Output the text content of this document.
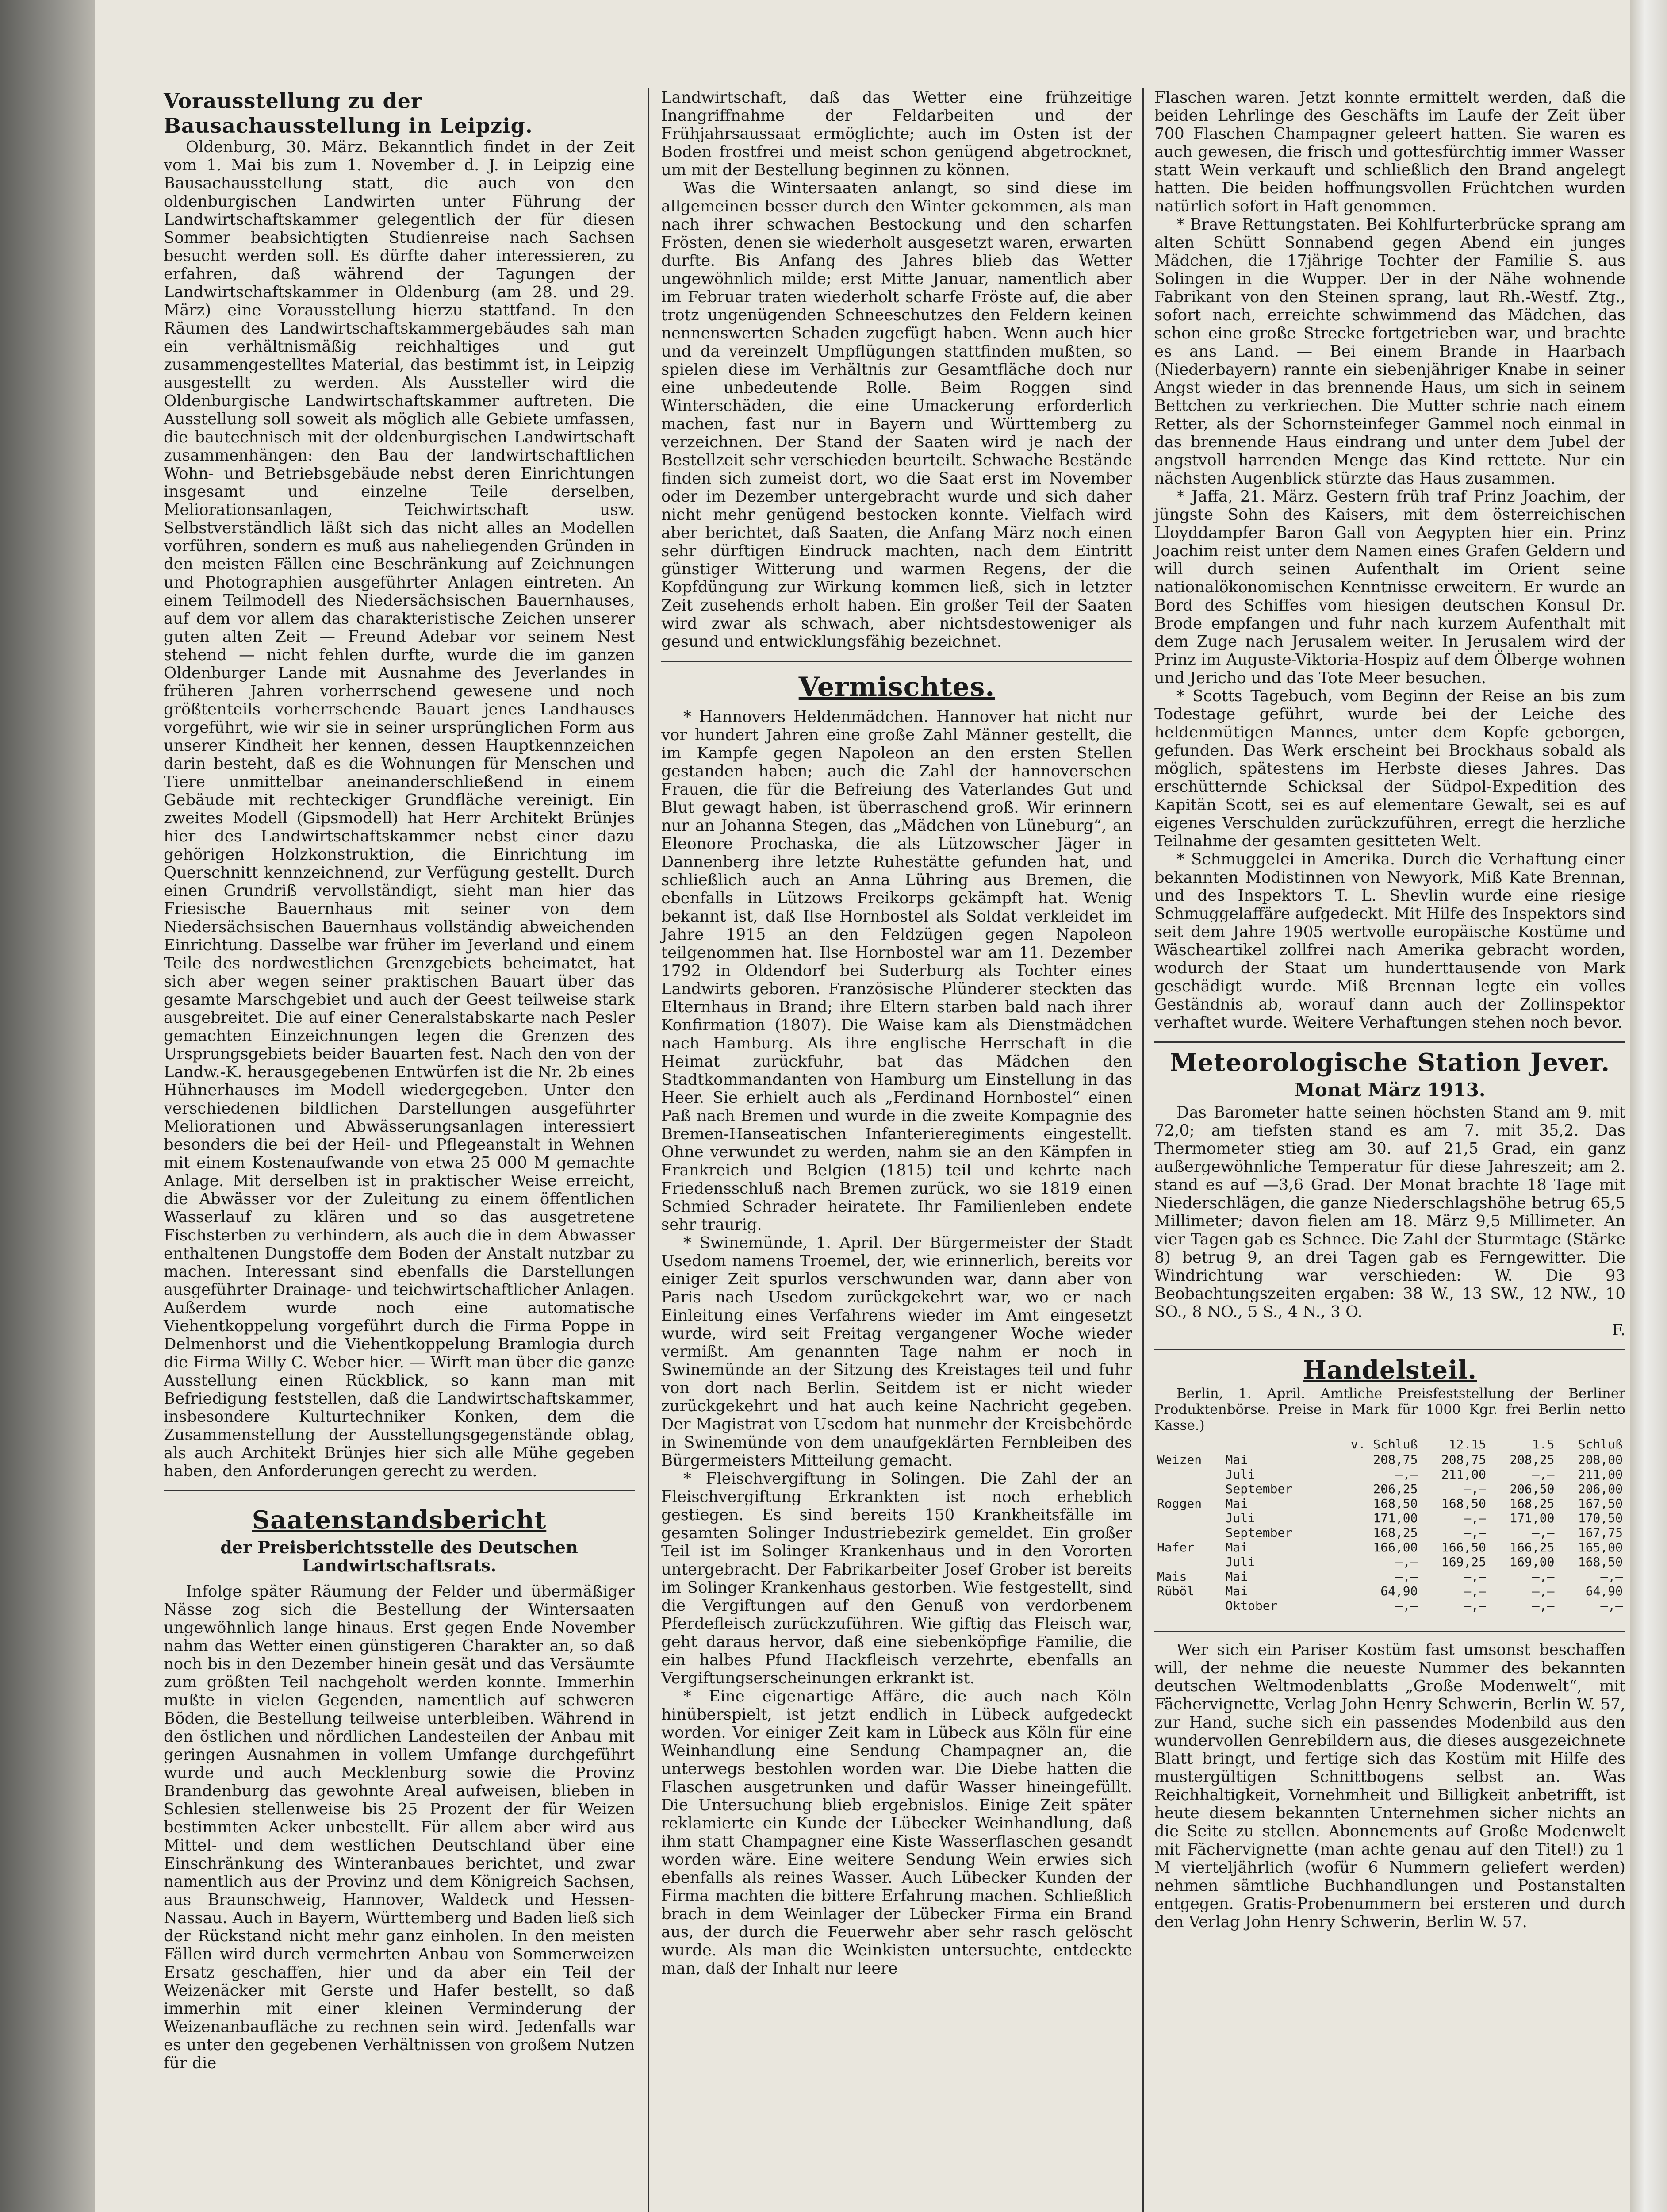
Vorausstellung zu der Bausachausstellung in Leipzig.

Oldenburg, 30. März. Bekanntlich findet in der Zeit vom 1. Mai bis zum 1. November d. J. in Leipzig eine Bausachausstellung statt, die auch von den oldenburgischen Landwirten unter Führung der Landwirtschaftskammer gelegentlich der für diesen Sommer beabsichtigten Studienreise nach Sachsen besucht werden soll. Es dürfte daher interessieren, zu erfahren, daß während der Tagungen der Landwirtschaftskammer in Oldenburg (am 28. und 29. März) eine Vorausstellung hierzu stattfand. In den Räumen des Landwirtschaftskammergebäudes sah man ein verhältnismäßig reichhaltiges und gut zusammengestelltes Material, das bestimmt ist, in Leipzig ausgestellt zu werden. Als Aussteller wird die Oldenburgische Landwirtschaftskammer auftreten. Die Ausstellung soll soweit als möglich alle Gebiete umfassen, die bautechnisch mit der oldenburgischen Landwirtschaft zusammenhängen: den Bau der landwirtschaftlichen Wohn- und Betriebsgebäude nebst deren Einrichtungen insgesamt und einzelne Teile derselben, Meliorationsanlagen, Teichwirtschaft usw. Selbstverständlich läßt sich das nicht alles an Modellen vorführen, sondern es muß aus naheliegenden Gründen in den meisten Fällen eine Beschränkung auf Zeichnungen und Photographien ausgeführter Anlagen eintreten. An einem Teilmodell des Niedersächsischen Bauernhauses, auf dem vor allem das charakteristische Zeichen unserer guten alten Zeit — Freund Adebar vor seinem Nest stehend — nicht fehlen durfte, wurde die im ganzen Oldenburger Lande mit Ausnahme des Jeverlandes in früheren Jahren vorherrschend gewesene und noch größtenteils vorherrschende Bauart jenes Landhauses vorgeführt, wie wir sie in seiner ursprünglichen Form aus unserer Kindheit her kennen, dessen Hauptkennzeichen darin besteht, daß es die Wohnungen für Menschen und Tiere unmittelbar aneinanderschließend in einem Gebäude mit rechteckiger Grundfläche vereinigt. Ein zweites Modell (Gipsmodell) hat Herr Architekt Brünjes hier des Landwirtschaftskammer nebst einer dazu gehörigen Holzkonstruktion, die Einrichtung im Querschnitt kennzeichnend, zur Verfügung gestellt. Durch einen Grundriß vervollständigt, sieht man hier das Friesische Bauernhaus mit seiner von dem Niedersächsischen Bauernhaus vollständig abweichenden Einrichtung. Dasselbe war früher im Jeverland und einem Teile des nordwestlichen Grenzgebiets beheimatet, hat sich aber wegen seiner praktischen Bauart über das gesamte Marschgebiet und auch der Geest teilweise stark ausgebreitet. Die auf einer Generalstabskarte nach Pesler gemachten Einzeichnungen legen die Grenzen des Ursprungsgebiets beider Bauarten fest. Nach den von der Landw.-K. herausgegebenen Entwürfen ist die Nr. 2b eines Hühnerhauses im Modell wiedergegeben. Unter den verschiedenen bildlichen Darstellungen ausgeführter Meliorationen und Abwässerungsanlagen interessiert besonders die bei der Heil- und Pflegeanstalt in Wehnen mit einem Kostenaufwande von etwa 25 000 M gemachte Anlage. Mit derselben ist in praktischer Weise erreicht, die Abwässer vor der Zuleitung zu einem öffentlichen Wasserlauf zu klären und so das ausgetretene Fischsterben zu verhindern, als auch die in dem Abwasser enthaltenen Dungstoffe dem Boden der Anstalt nutzbar zu machen. Interessant sind ebenfalls die Darstellungen ausgeführter Drainage- und teichwirtschaftlicher Anlagen. Außerdem wurde noch eine automatische Viehentkoppelung vorgeführt durch die Firma Poppe in Delmenhorst und die Viehentkoppelung Bramlogia durch die Firma Willy C. Weber hier. — Wirft man über die ganze Ausstellung einen Rückblick, so kann man mit Befriedigung feststellen, daß die Landwirtschaftskammer, insbesondere Kulturtechniker Konken, dem die Zusammenstellung der Ausstellungsgegenstände oblag, als auch Architekt Brünjes hier sich alle Mühe gegeben haben, den Anforderungen gerecht zu werden.

Saatenstandsbericht
der Preisberichtsstelle des Deutschen Landwirtschaftsrats.

Infolge später Räumung der Felder und übermäßiger Nässe zog sich die Bestellung der Wintersaaten ungewöhnlich lange hinaus. Erst gegen Ende November nahm das Wetter einen günstigeren Charakter an, so daß noch bis in den Dezember hinein gesät und das Versäumte zum größten Teil nachgeholt werden konnte. Immerhin mußte in vielen Gegenden, namentlich auf schweren Böden, die Bestellung teilweise unterbleiben. Während in den östlichen und nördlichen Landesteilen der Anbau mit geringen Ausnahmen in vollem Umfange durchgeführt wurde und auch Mecklenburg sowie die Provinz Brandenburg das gewohnte Areal aufweisen, blieben in Schlesien stellenweise bis 25 Prozent der für Weizen bestimmten Acker unbestellt. Für allem aber wird aus Mittel- und dem westlichen Deutschland über eine Einschränkung des Winteranbaues berichtet, und zwar namentlich aus der Provinz und dem Königreich Sachsen, aus Braunschweig, Hannover, Waldeck und Hessen-Nassau. Auch in Bayern, Württemberg und Baden ließ sich der Rückstand nicht mehr ganz einholen. In den meisten Fällen wird durch vermehrten Anbau von Sommerweizen Ersatz geschaffen, hier und da aber ein Teil der Weizenäcker mit Gerste und Hafer bestellt, so daß immerhin mit einer kleinen Verminderung der Weizenanbaufläche zu rechnen sein wird. Jedenfalls war es unter den gegebenen Verhältnissen von großem Nutzen für die

Landwirtschaft, daß das Wetter eine frühzeitige Inangriffnahme der Feldarbeiten und der Frühjahrsaussaat ermöglichte; auch im Osten ist der Boden frostfrei und meist schon genügend abgetrocknet, um mit der Bestellung beginnen zu können.

Was die Wintersaaten anlangt, so sind diese im allgemeinen besser durch den Winter gekommen, als man nach ihrer schwachen Bestockung und den scharfen Frösten, denen sie wiederholt ausgesetzt waren, erwarten durfte. Bis Anfang des Jahres blieb das Wetter ungewöhnlich milde; erst Mitte Januar, namentlich aber im Februar traten wiederholt scharfe Fröste auf, die aber trotz ungenügenden Schneeschutzes den Feldern keinen nennenswerten Schaden zugefügt haben. Wenn auch hier und da vereinzelt Umpflügungen stattfinden mußten, so spielen diese im Verhältnis zur Gesamtfläche doch nur eine unbedeutende Rolle. Beim Roggen sind Winterschäden, die eine Umackerung erforderlich machen, fast nur in Bayern und Württemberg zu verzeichnen. Der Stand der Saaten wird je nach der Bestellzeit sehr verschieden beurteilt. Schwache Bestände finden sich zumeist dort, wo die Saat erst im November oder im Dezember untergebracht wurde und sich daher nicht mehr genügend bestocken konnte. Vielfach wird aber berichtet, daß Saaten, die Anfang März noch einen sehr dürftigen Eindruck machten, nach dem Eintritt günstiger Witterung und warmen Regens, der die Kopfdüngung zur Wirkung kommen ließ, sich in letzter Zeit zusehends erholt haben. Ein großer Teil der Saaten wird zwar als schwach, aber nichtsdestoweniger als gesund und entwicklungsfähig bezeichnet.

Vermischtes.

* Hannovers Heldenmädchen. Hannover hat nicht nur vor hundert Jahren eine große Zahl Männer gestellt, die im Kampfe gegen Napoleon an den ersten Stellen gestanden haben; auch die Zahl der hannoverschen Frauen, die für die Befreiung des Vaterlandes Gut und Blut gewagt haben, ist überraschend groß. Wir erinnern nur an Johanna Stegen, das „Mädchen von Lüneburg“, an Eleonore Prochaska, die als Lützowscher Jäger in Dannenberg ihre letzte Ruhestätte gefunden hat, und schließlich auch an Anna Lühring aus Bremen, die ebenfalls in Lützows Freikorps gekämpft hat. Wenig bekannt ist, daß Ilse Hornbostel als Soldat verkleidet im Jahre 1915 an den Feldzügen gegen Napoleon teilgenommen hat. Ilse Hornbostel war am 11. Dezember 1792 in Oldendorf bei Suderburg als Tochter eines Landwirts geboren. Französische Plünderer steckten das Elternhaus in Brand; ihre Eltern starben bald nach ihrer Konfirmation (1807). Die Waise kam als Dienstmädchen nach Hamburg. Als ihre englische Herrschaft in die Heimat zurückfuhr, bat das Mädchen den Stadtkommandanten von Hamburg um Einstellung in das Heer. Sie erhielt auch als „Ferdinand Hornbostel“ einen Paß nach Bremen und wurde in die zweite Kompagnie des Bremen-Hanseatischen Infanterieregiments eingestellt. Ohne verwundet zu werden, nahm sie an den Kämpfen in Frankreich und Belgien (1815) teil und kehrte nach Friedensschluß nach Bremen zurück, wo sie 1819 einen Schmied Schrader heiratete. Ihr Familienleben endete sehr traurig.

* Swinemünde, 1. April. Der Bürgermeister der Stadt Usedom namens Troemel, der, wie erinnerlich, bereits vor einiger Zeit spurlos verschwunden war, dann aber von Paris nach Usedom zurückgekehrt war, wo er nach Einleitung eines Verfahrens wieder im Amt eingesetzt wurde, wird seit Freitag vergangener Woche wieder vermißt. Am genannten Tage nahm er noch in Swinemünde an der Sitzung des Kreistages teil und fuhr von dort nach Berlin. Seitdem ist er nicht wieder zurückgekehrt und hat auch keine Nachricht gegeben. Der Magistrat von Usedom hat nunmehr der Kreisbehörde in Swinemünde von dem unaufgeklärten Fernbleiben des Bürgermeisters Mitteilung gemacht.

* Fleischvergiftung in Solingen. Die Zahl der an Fleischvergiftung Erkrankten ist noch erheblich gestiegen. Es sind bereits 150 Krankheitsfälle im gesamten Solinger Industriebezirk gemeldet. Ein großer Teil ist im Solinger Krankenhaus und in den Vororten untergebracht. Der Fabrikarbeiter Josef Grober ist bereits im Solinger Krankenhaus gestorben. Wie festgestellt, sind die Vergiftungen auf den Genuß von verdorbenem Pferdefleisch zurückzuführen. Wie giftig das Fleisch war, geht daraus hervor, daß eine siebenköpfige Familie, die ein halbes Pfund Hackfleisch verzehrte, ebenfalls an Vergiftungserscheinungen erkrankt ist.

* Eine eigenartige Affäre, die auch nach Köln hinüberspielt, ist jetzt endlich in Lübeck aufgedeckt worden. Vor einiger Zeit kam in Lübeck aus Köln für eine Weinhandlung eine Sendung Champagner an, die unterwegs bestohlen worden war. Die Diebe hatten die Flaschen ausgetrunken und dafür Wasser hineingefüllt. Die Untersuchung blieb ergebnislos. Einige Zeit später reklamierte ein Kunde der Lübecker Weinhandlung, daß ihm statt Champagner eine Kiste Wasserflaschen gesandt worden wäre. Eine weitere Sendung Wein erwies sich ebenfalls als reines Wasser. Auch Lübecker Kunden der Firma machten die bittere Erfahrung machen. Schließlich brach in dem Weinlager der Lübecker Firma ein Brand aus, der durch die Feuerwehr aber sehr rasch gelöscht wurde. Als man die Weinkisten untersuchte, entdeckte man, daß der Inhalt nur leere

Flaschen waren. Jetzt konnte ermittelt werden, daß die beiden Lehrlinge des Geschäfts im Laufe der Zeit über 700 Flaschen Champagner geleert hatten. Sie waren es auch gewesen, die frisch und gottesfürchtig immer Wasser statt Wein verkauft und schließlich den Brand angelegt hatten. Die beiden hoffnungsvollen Früchtchen wurden natürlich sofort in Haft genommen.

* Brave Rettungstaten. Bei Kohlfurterbrücke sprang am alten Schütt Sonnabend gegen Abend ein junges Mädchen, die 17jährige Tochter der Familie S. aus Solingen in die Wupper. Der in der Nähe wohnende Fabrikant von den Steinen sprang, laut Rh.-Westf. Ztg., sofort nach, erreichte schwimmend das Mädchen, das schon eine große Strecke fortgetrieben war, und brachte es ans Land. — Bei einem Brande in Haarbach (Niederbayern) rannte ein siebenjähriger Knabe in seiner Angst wieder in das brennende Haus, um sich in seinem Bettchen zu verkriechen. Die Mutter schrie nach einem Retter, als der Schornsteinfeger Gammel noch einmal in das brennende Haus eindrang und unter dem Jubel der angstvoll harrenden Menge das Kind rettete. Nur ein nächsten Augenblick stürzte das Haus zusammen.

* Jaffa, 21. März. Gestern früh traf Prinz Joachim, der jüngste Sohn des Kaisers, mit dem österreichischen Lloyddampfer Baron Gall von Aegypten hier ein. Prinz Joachim reist unter dem Namen eines Grafen Geldern und will durch seinen Aufenthalt im Orient seine nationalökonomischen Kenntnisse erweitern. Er wurde an Bord des Schiffes vom hiesigen deutschen Konsul Dr. Brode empfangen und fuhr nach kurzem Aufenthalt mit dem Zuge nach Jerusalem weiter. In Jerusalem wird der Prinz im Auguste-Viktoria-Hospiz auf dem Ölberge wohnen und Jericho und das Tote Meer besuchen.

* Scotts Tagebuch, vom Beginn der Reise an bis zum Todestage geführt, wurde bei der Leiche des heldenmütigen Mannes, unter dem Kopfe geborgen, gefunden. Das Werk erscheint bei Brockhaus sobald als möglich, spätestens im Herbste dieses Jahres. Das erschütternde Schicksal der Südpol-Expedition des Kapitän Scott, sei es auf elementare Gewalt, sei es auf eigenes Verschulden zurückzuführen, erregt die herzliche Teilnahme der gesamten gesitteten Welt.

* Schmuggelei in Amerika. Durch die Verhaftung einer bekannten Modistinnen von Newyork, Miß Kate Brennan, und des Inspektors T. L. Shevlin wurde eine riesige Schmuggelaffäre aufgedeckt. Mit Hilfe des Inspektors sind seit dem Jahre 1905 wertvolle europäische Kostüme und Wäscheartikel zollfrei nach Amerika gebracht worden, wodurch der Staat um hunderttausende von Mark geschädigt wurde. Miß Brennan legte ein volles Geständnis ab, worauf dann auch der Zollinspektor verhaftet wurde. Weitere Verhaftungen stehen noch bevor.

Meteorologische Station Jever.
Monat März 1913.

Das Barometer hatte seinen höchsten Stand am 9. mit 72,0; am tiefsten stand es am 7. mit 35,2. Das Thermometer stieg am 30. auf 21,5 Grad, ein ganz außergewöhnliche Temperatur für diese Jahreszeit; am 2. stand es auf —3,6 Grad. Der Monat brachte 18 Tage mit Niederschlägen, die ganze Niederschlagshöhe betrug 65,5 Millimeter; davon fielen am 18. März 9,5 Millimeter. An vier Tagen gab es Schnee. Die Zahl der Sturmtage (Stärke 8) betrug 9, an drei Tagen gab es Ferngewitter. Die Windrichtung war verschieden: W. Die 93 Beobachtungszeiten ergaben: 38 W., 13 SW., 12 NW., 10 SO., 8 NO., 5 S., 4 N., 3 O.

F.
Handelsteil.

Berlin, 1. April. Amtliche Preisfeststellung der Berliner Produktenbörse. Preise in Mark für 1000 Kgr. frei Berlin netto Kasse.)

		v. Schluß	12.15	1.5	Schluß
Weizen	Mai	208,75	208,75	208,25	208,00
	Juli	—,—	211,00	—,—	211,00
	September	206,25	—,—	206,50	206,00
Roggen	Mai	168,50	168,50	168,25	167,50
	Juli	171,00	—,—	171,00	170,50
	September	168,25	—,—	—,—	167,75
Hafer	Mai	166,00	166,50	166,25	165,00
	Juli	—,—	169,25	169,00	168,50
Mais	Mai	—,—	—,—	—,—	—,—
Rüböl	Mai	64,90	—,—	—,—	64,90
	Oktober	—,—	—,—	—,—	—,—

Wer sich ein Pariser Kostüm fast umsonst beschaffen will, der nehme die neueste Nummer des bekannten deutschen Weltmodenblatts „Große Modenwelt“, mit Fächervignette, Verlag John Henry Schwerin, Berlin W. 57, zur Hand, suche sich ein passendes Modenbild aus den wundervollen Genrebildern aus, die dieses ausgezeichnete Blatt bringt, und fertige sich das Kostüm mit Hilfe des mustergültigen Schnittbogens selbst an. Was Reichhaltigkeit, Vornehmheit und Billigkeit anbetrifft, ist heute diesem bekannten Unternehmen sicher nichts an die Seite zu stellen. Abonnements auf Große Modenwelt mit Fächervignette (man achte genau auf den Titel!) zu 1 M vierteljährlich (wofür 6 Nummern geliefert werden) nehmen sämtliche Buchhandlungen und Postanstalten entgegen. Gratis-Probenummern bei ersteren und durch den Verlag John Henry Schwerin, Berlin W. 57.
